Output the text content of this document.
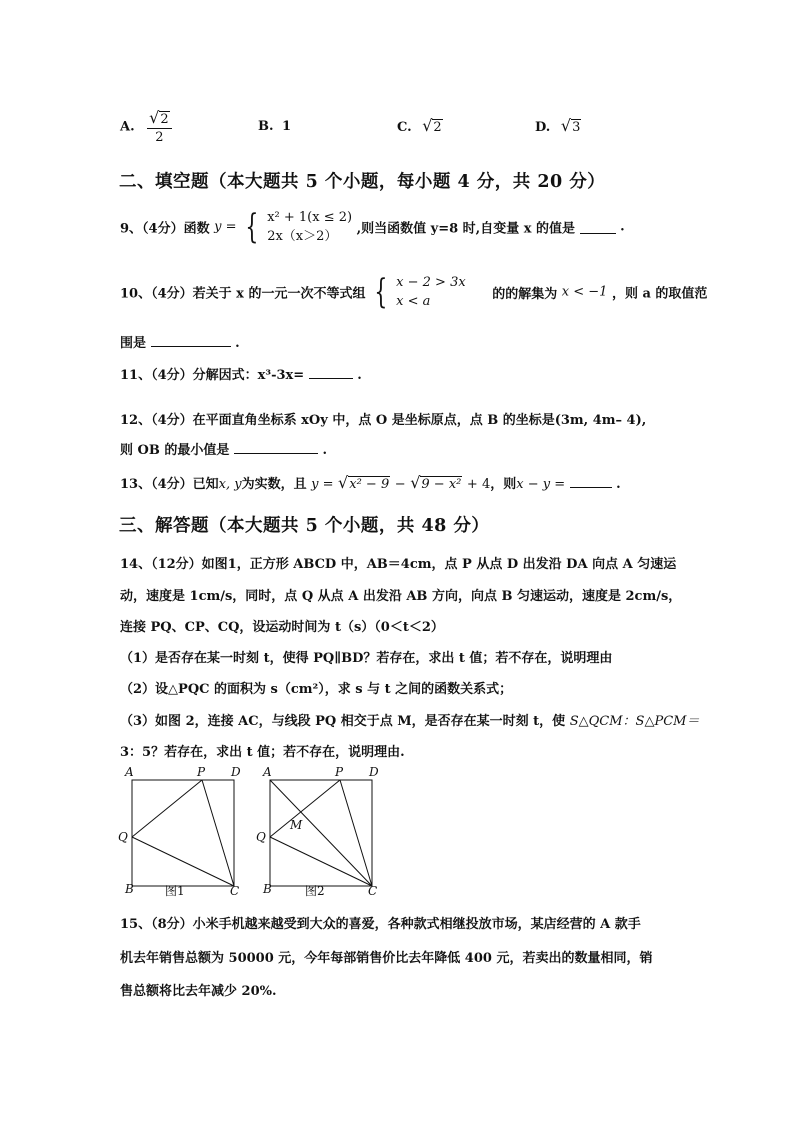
A. $\frac{√2}{2}$	B. 1	C. √2	D. √3
二、填空题（本大题共 5 个小题，每小题 4 分，共 20 分）
9、（4分）函数 y = { x² + 1(x ≤ 2)
2x（x＞2）	,则当函数值 y=8 时,自变量 x 的值是	.
10、（4分）若关于 x 的一元一次不等式组 { x − 2 > 3x
x < a	的的解集为 x < −1 ，则 a 的取值范
围是	.
11、（4分）分解因式：x³-3x=	.
12、（4分）在平面直角坐标系 xOy 中，点 O 是坐标原点，点 B 的坐标是(3m, 4m– 4),
则 OB 的最小值是	.
13、（4分）已知x, y为实数，且 y = √x² − 9 − √9 − x² + 4，则x − y =	.
三、解答题（本大题共 5 个小题，共 48 分）
14、（12分）如图1，正方形 ABCD 中，AB＝4cm，点 P 从点 D 出发沿 DA 向点 A 匀速运
动，速度是 1cm/s，同时，点 Q 从点 A 出发沿 AB 方向，向点 B 匀速运动，速度是 2cm/s，
连接 PQ、CP、CQ，设运动时间为 t（s）（0＜t＜2）
（1）是否存在某一时刻 t，使得 PQ∥BD？若存在，求出 t 值；若不存在，说明理由
（2）设△PQC 的面积为 s（cm²），求 s 与 t 之间的函数关系式；
（3）如图 2，连接 AC，与线段 PQ 相交于点 M，是否存在某一时刻 t，使 S△QCM：S△PCM＝
3：5？若存在，求出 t 值；若不存在，说明理由.
A	P D
Q
B	C
图1
A	P D
Q
M
B	C
图2
15、（8分）小米手机越来越受到大众的喜爱，各种款式相继投放市场，某店经营的 A 款手
机去年销售总额为 50000 元，今年每部销售价比去年降低 400 元，若卖出的数量相同，销
售总额将比去年减少 20%.
